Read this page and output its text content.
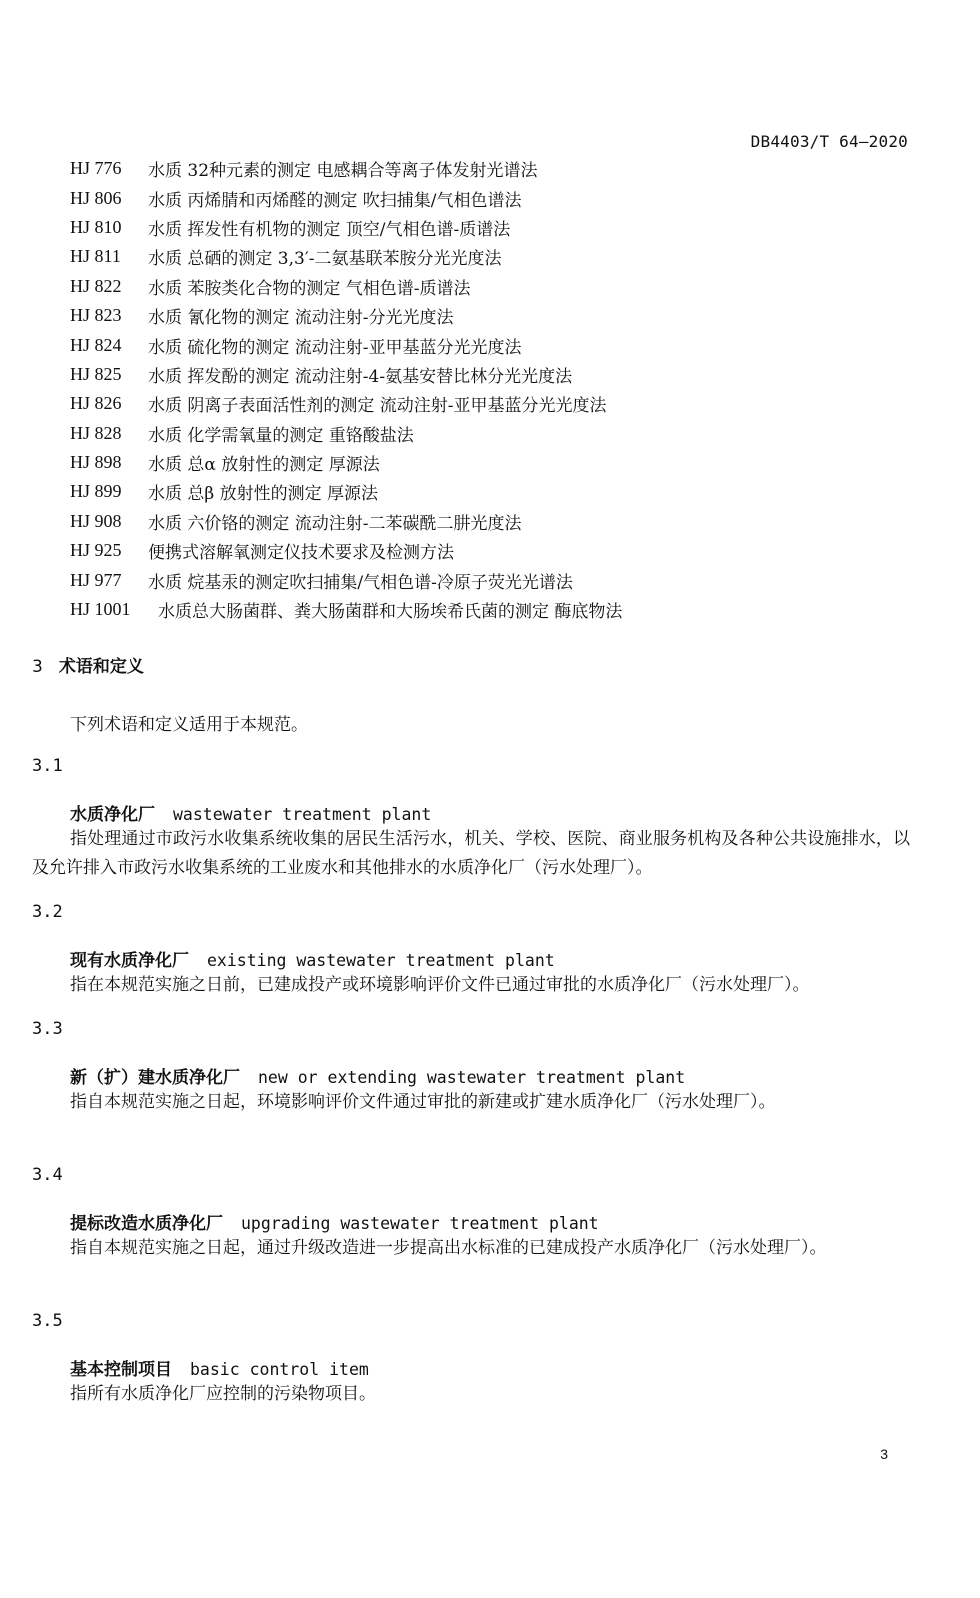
DB4403/T 64—2020
HJ 776	水质 32种元素的测定 电感耦合等离子体发射光谱法
HJ 806	水质 丙烯腈和丙烯醛的测定 吹扫捕集/气相色谱法
HJ 810	水质 挥发性有机物的测定 顶空/气相色谱-质谱法
HJ 811	水质 总硒的测定 3,3′-二氨基联苯胺分光光度法
HJ 822	水质 苯胺类化合物的测定 气相色谱-质谱法
HJ 823	水质 氰化物的测定 流动注射-分光光度法
HJ 824	水质 硫化物的测定 流动注射-亚甲基蓝分光光度法
HJ 825	水质 挥发酚的测定 流动注射-4-氨基安替比林分光光度法
HJ 826	水质 阴离子表面活性剂的测定 流动注射-亚甲基蓝分光光度法
HJ 828	水质 化学需氧量的测定 重铬酸盐法
HJ 898	水质 总α 放射性的测定 厚源法
HJ 899	水质 总β 放射性的测定 厚源法
HJ 908	水质 六价铬的测定 流动注射-二苯碳酰二肼光度法
HJ 925	便携式溶解氧测定仪技术要求及检测方法
HJ 977	水质 烷基汞的测定吹扫捕集/气相色谱-冷原子荧光光谱法
HJ 1001	水质总大肠菌群、粪大肠菌群和大肠埃希氏菌的测定 酶底物法
3 术语和定义
下列术语和定义适用于本规范。
3.1
水质净化厂 wastewater treatment plant
指处理通过市政污水收集系统收集的居民生活污水，机关、学校、医院、商业服务机构及各种公共设施排水，以及允许排入市政污水收集系统的工业废水和其他排水的水质净化厂（污水处理厂）。
3.2
现有水质净化厂 existing wastewater treatment plant
指在本规范实施之日前，已建成投产或环境影响评价文件已通过审批的水质净化厂（污水处理厂）。
3.3
新（扩）建水质净化厂 new or extending wastewater treatment plant
指自本规范实施之日起，环境影响评价文件通过审批的新建或扩建水质净化厂（污水处理厂）。
3.4
提标改造水质净化厂 upgrading wastewater treatment plant
指自本规范实施之日起，通过升级改造进一步提高出水标准的已建成投产水质净化厂（污水处理厂）。
3.5
基本控制项目 basic control item
指所有水质净化厂应控制的污染物项目。
3
